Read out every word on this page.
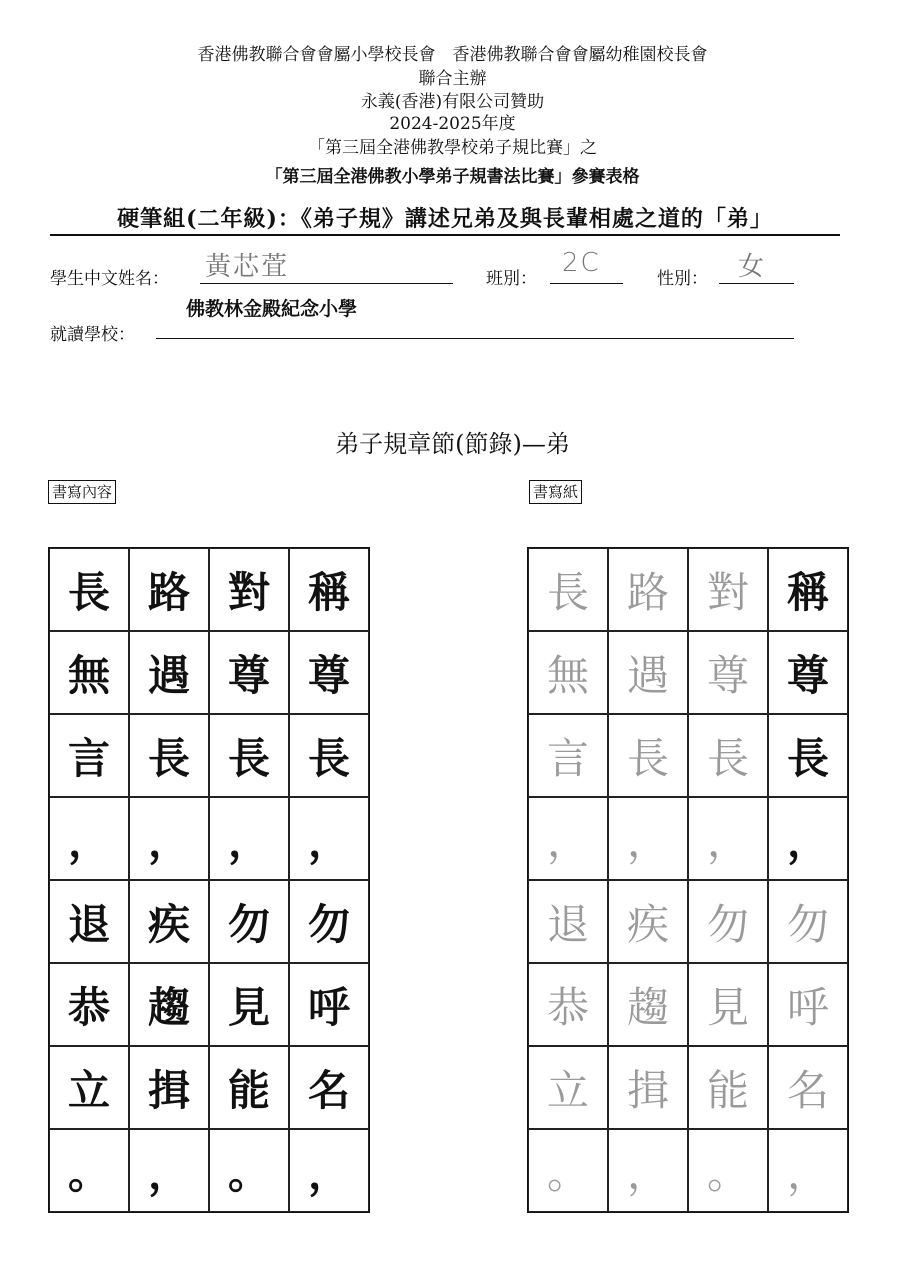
香港佛教聯合會會屬小學校長會　香港佛教聯合會會屬幼稚園校長會
聯合主辦
永義(香港)有限公司贊助
2024-2025年度
「第三屆全港佛教學校弟子規比賽」之
「第三屆全港佛教小學弟子規書法比賽」參賽表格
硬筆組(二年級)：《弟子規》講述兄弟及與長輩相處之道的「弟」
學生中文姓名： 黃芯萓	班別：
2C
性別： 女
佛教林金殿紀念小學
就讀學校：
弟子規章節(節錄)—弟
書寫內容	書寫紙
長 路 對 稱
無 遇 尊 尊
言 長 長 長
， ， ， ，
退 疾 勿 勿
恭 趨 見 呼
立 揖 能 名
。 ， 。 ，
長 路 對 稱
無 遇 尊 尊
言 長 長 長
， ， ， ，
退 疾 勿 勿
恭 趨 見 呼
立 揖 能 名
。 ， 。 ，
